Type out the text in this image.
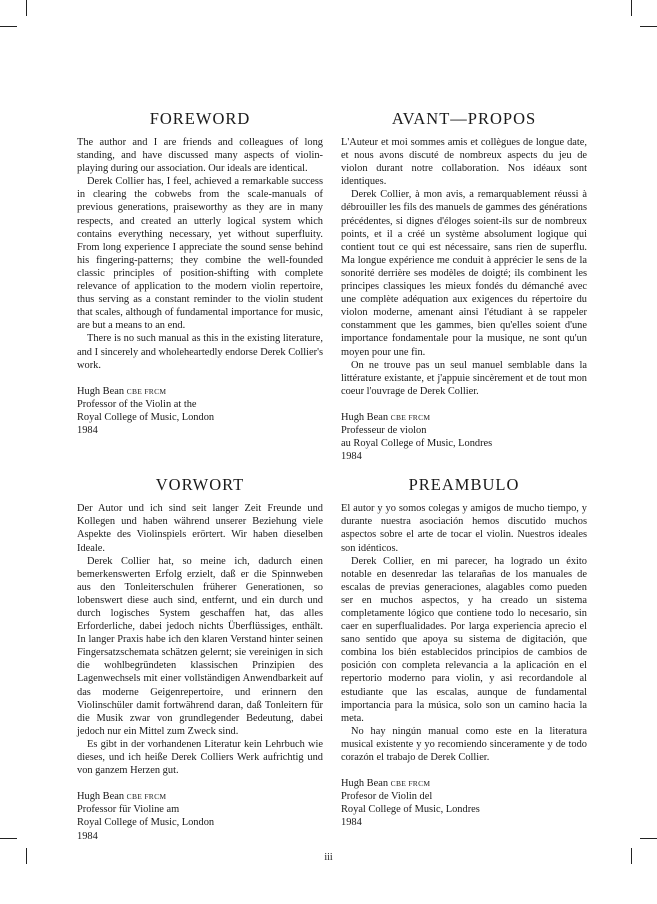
FOREWORD

The author and I are friends and colleagues of long standing, and have discussed many aspects of violin-playing during our association. Our ideals are identical.

Derek Collier has, I feel, achieved a remarkable success in clearing the cobwebs from the scale-manuals of previous generations, praiseworthy as they are in many respects, and created an utterly logical system which contains everything necessary, yet without superfluity. From long experience I appreciate the sound sense behind his fingering-patterns; they combine the well-founded classic principles of position-shifting with complete relevance of application to the modern violin repertoire, thus serving as a constant reminder to the violin student that scales, although of fundamental importance for music, are but a means to an end.

There is no such manual as this in the existing literature, and I sincerely and wholeheartedly endorse Derek Collier's work.

Hugh Bean CBE FRCM
Professor of the Violin at the
Royal College of Music, London
1984
AVANT—PROPOS

L'Auteur et moi sommes amis et collègues de longue date, et nous avons discuté de nombreux aspects du jeu de violon durant notre collaboration. Nos idéaux sont identiques.

Derek Collier, à mon avis, a remarquablement réussi à débrouiller les fils des manuels de gammes des générations précédentes, si dignes d'éloges soient-ils sur de nombreux points, et il a créé un système absolument logique qui contient tout ce qui est nécessaire, sans rien de superflu. Ma longue expérience me conduit à apprécier le sens de la sonorité derrière ses modèles de doigté; ils combinent les principes classiques les mieux fondés du démanché avec une complète adéquation aux exigences du répertoire du violon moderne, amenant ainsi l'étudiant à se rappeler constamment que les gammes, bien qu'elles soient d'une importance fondamentale pour la musique, ne sont qu'un moyen pour une fin.

On ne trouve pas un seul manuel semblable dans la littérature existante, et j'appuie sincèrement et de tout mon coeur l'ouvrage de Derek Collier.

Hugh Bean CBE FRCM
Professeur de violon
au Royal College of Music, Londres
1984
VORWORT

Der Autor und ich sind seit langer Zeit Freunde und Kollegen und haben während unserer Beziehung viele Aspekte des Violinspiels erörtert. Wir haben dieselben Ideale.

Derek Collier hat, so meine ich, dadurch einen bemerkenswerten Erfolg erzielt, daß er die Spinnweben aus den Tonleiterschulen früherer Generationen, so lobenswert diese auch sind, entfernt, und ein durch und durch logisches System geschaffen hat, das alles Erforderliche, dabei jedoch nichts Überflüssiges, enthält. In langer Praxis habe ich den klaren Verstand hinter seinen Fingersatzschemata schätzen gelernt; sie vereinigen in sich die wohlbegründeten klassischen Prinzipien des Lagenwechsels mit einer vollständigen Anwendbarkeit auf das moderne Geigenrepertoire, und erinnern den Violinschüler damit fortwährend daran, daß Tonleitern für die Musik zwar von grundlegender Bedeutung, dabei jedoch nur ein Mittel zum Zweck sind.

Es gibt in der vorhandenen Literatur kein Lehrbuch wie dieses, und ich heiße Derek Colliers Werk aufrichtig und von ganzem Herzen gut.

Hugh Bean CBE FRCM
Professor für Violine am
Royal College of Music, London
1984
PREAMBULO

El autor y yo somos colegas y amigos de mucho tiempo, y durante nuestra asociación hemos discutido muchos aspectos sobre el arte de tocar el violin. Nuestros ideales son idénticos.

Derek Collier, en mi parecer, ha logrado un éxito notable en desenredar las telarañas de los manuales de escalas de previas generaciones, alagables como pueden ser en muchos aspectos, y ha creado un sistema completamente lógico que contiene todo lo necesario, sin caer en superflualidades. Por larga experiencia aprecio el sano sentido que apoya su sistema de digitación, que combina los bién establecidos principios de cambios de posición con completa relevancia a la aplicación en el repertorio moderno para violin, y asi recordandole al estudiante que las escalas, aunque de fundamental importancia para la música, solo son un camino hacia la meta.

No hay ningún manual como este en la literatura musical existente y yo recomiendo sinceramente y de todo corazón el trabajo de Derek Collier.

Hugh Bean CBE FRCM
Profesor de Violin del
Royal College of Music, Londres
1984
iii
